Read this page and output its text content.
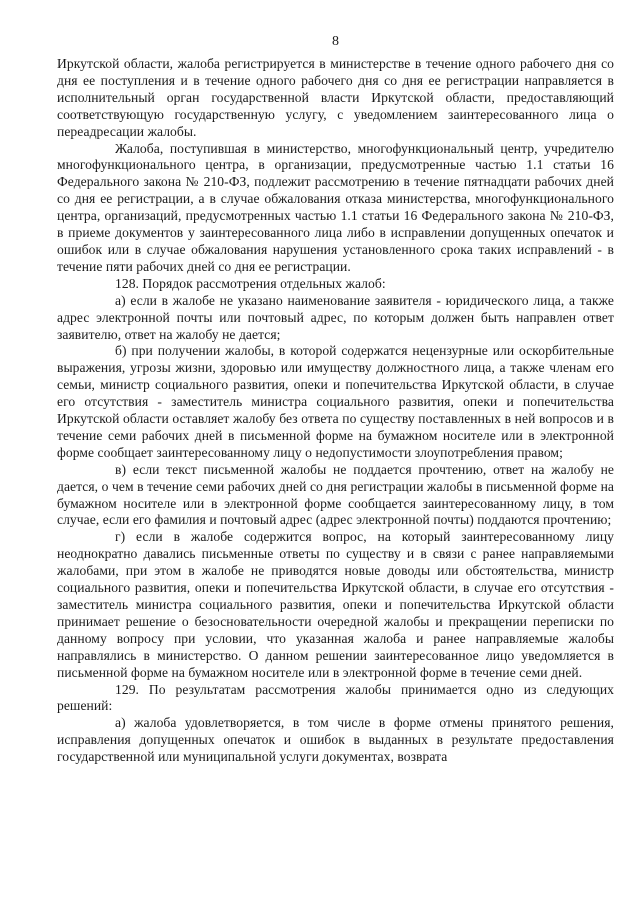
8

Иркутской области, жалоба регистрируется в министерстве в течение одного рабочего дня со дня ее поступления и в течение одного рабочего дня со дня ее регистрации направляется в исполнительный орган государственной власти Иркутской области, предоставляющий соответствующую государственную услугу, с уведомлением заинтересованного лица о переадресации жалобы.

Жалоба, поступившая в министерство, многофункциональный центр, учредителю многофункционального центра, в организации, предусмотренные частью 1.1 статьи 16 Федерального закона № 210-ФЗ, подлежит рассмотрению в течение пятнадцати рабочих дней со дня ее регистрации, а в случае обжалования отказа министерства, многофункционального центра, организаций, предусмотренных частью 1.1 статьи 16 Федерального закона № 210-ФЗ, в приеме документов у заинтересованного лица либо в исправлении допущенных опечаток и ошибок или в случае обжалования нарушения установленного срока таких исправлений - в течение пяти рабочих дней со дня ее регистрации.

128. Порядок рассмотрения отдельных жалоб:

а) если в жалобе не указано наименование заявителя - юридического лица, а также адрес электронной почты или почтовый адрес, по которым должен быть направлен ответ заявителю, ответ на жалобу не дается;

б) при получении жалобы, в которой содержатся нецензурные или оскорбительные выражения, угрозы жизни, здоровью или имуществу должностного лица, а также членам его семьи, министр социального развития, опеки и попечительства Иркутской области, в случае его отсутствия - заместитель министра социального развития, опеки и попечительства Иркутской области оставляет жалобу без ответа по существу поставленных в ней вопросов и в течение семи рабочих дней в письменной форме на бумажном носителе или в электронной форме сообщает заинтересованному лицу о недопустимости злоупотребления правом;

в) если текст письменной жалобы не поддается прочтению, ответ на жалобу не дается, о чем в течение семи рабочих дней со дня регистрации жалобы в письменной форме на бумажном носителе или в электронной форме сообщается заинтересованному лицу, в том случае, если его фамилия и почтовый адрес (адрес электронной почты) поддаются прочтению;

г) если в жалобе содержится вопрос, на который заинтересованному лицу неоднократно давались письменные ответы по существу и в связи с ранее направляемыми жалобами, при этом в жалобе не приводятся новые доводы или обстоятельства, министр социального развития, опеки и попечительства Иркутской области, в случае его отсутствия - заместитель министра социального развития, опеки и попечительства Иркутской области принимает решение о безосновательности очередной жалобы и прекращении переписки по данному вопросу при условии, что указанная жалоба и ранее направляемые жалобы направлялись в министерство. О данном решении заинтересованное лицо уведомляется в письменной форме на бумажном носителе или в электронной форме в течение семи дней.

129. По результатам рассмотрения жалобы принимается одно из следующих решений:

а) жалоба удовлетворяется, в том числе в форме отмены принятого решения, исправления допущенных опечаток и ошибок в выданных в результате предоставления государственной или муниципальной услуги документах, возврата
